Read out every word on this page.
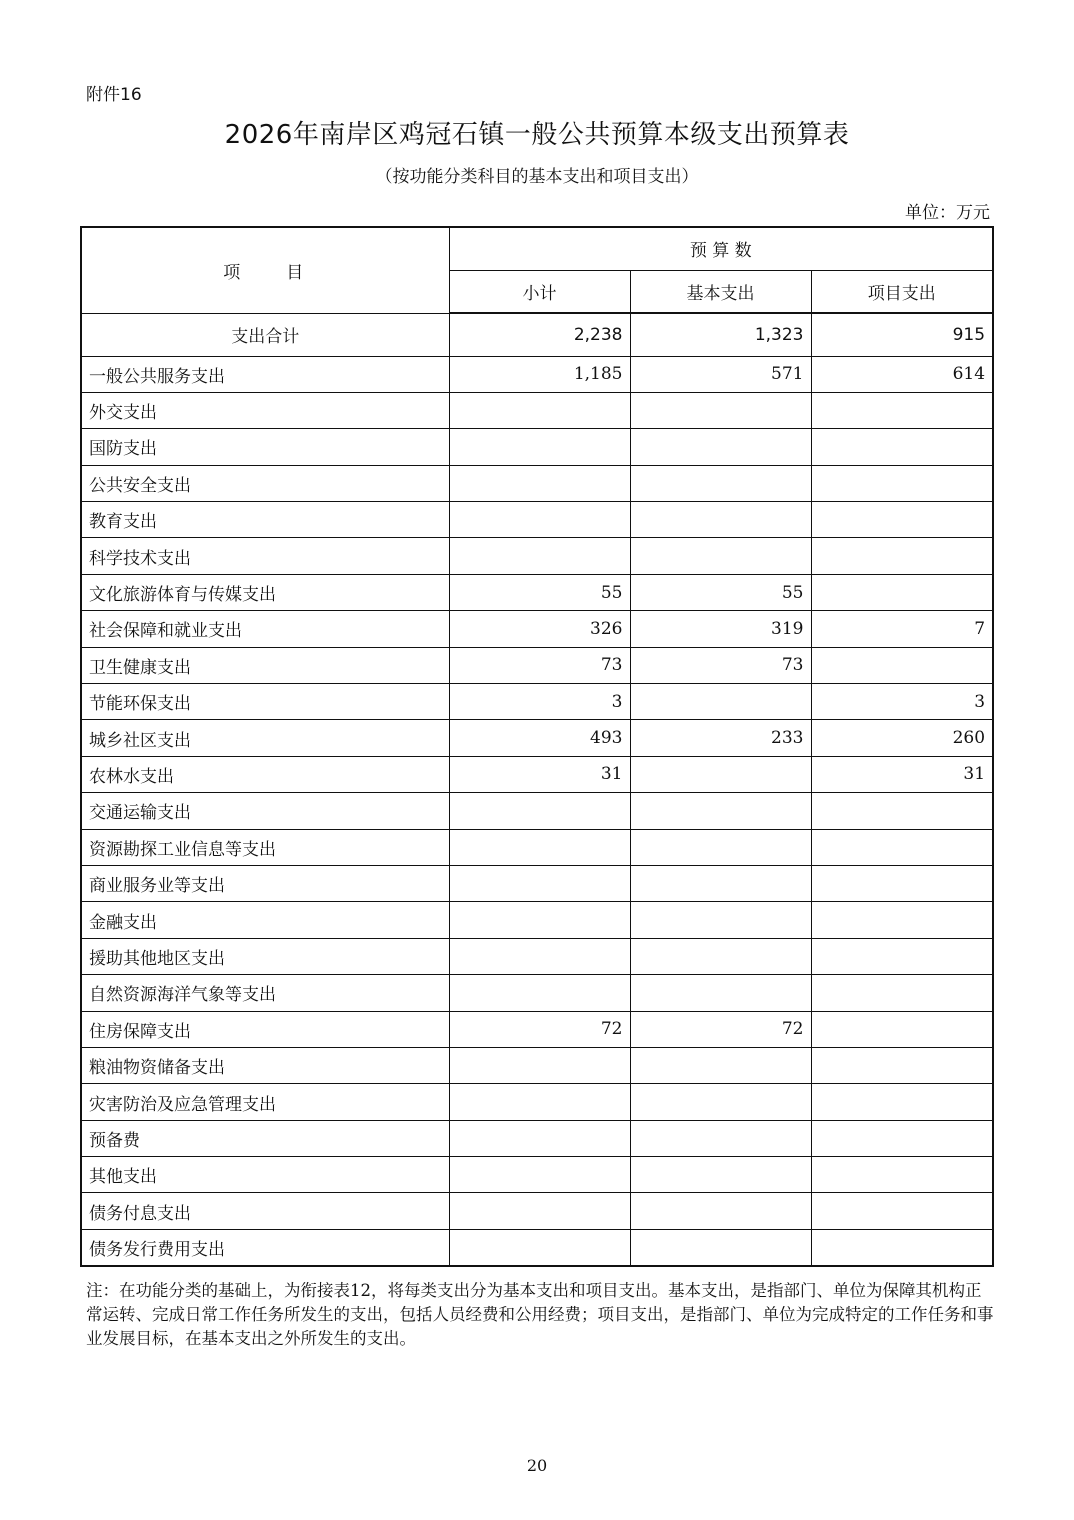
附件16
2026年南岸区鸡冠石镇一般公共预算本级支出预算表
（按功能分类科目的基本支出和项目支出）
单位：万元
项　　目	预 算 数		
	小计	基本支出	项目支出
支出合计	2,238	1,323	915
一般公共服务支出	1,185	571	614
外交支出			
国防支出			
公共安全支出			
教育支出			
科学技术支出			
文化旅游体育与传媒支出	55	55	
社会保障和就业支出	326	319	7
卫生健康支出	73	73	
节能环保支出	3		3
城乡社区支出	493	233	260
农林水支出	31		31
交通运输支出			
资源勘探工业信息等支出			
商业服务业等支出			
金融支出			
援助其他地区支出			
自然资源海洋气象等支出			
住房保障支出	72	72	
粮油物资储备支出			
灾害防治及应急管理支出			
预备费			
其他支出			
债务付息支出			
债务发行费用支出			
注：在功能分类的基础上，为衔接表12，将每类支出分为基本支出和项目支出。基本支出，是指部门、单位为保障其机构正常运转、完成日常工作任务所发生的支出，包括人员经费和公用经费；项目支出，是指部门、单位为完成特定的工作任务和事业发展目标，在基本支出之外所发生的支出。
20
